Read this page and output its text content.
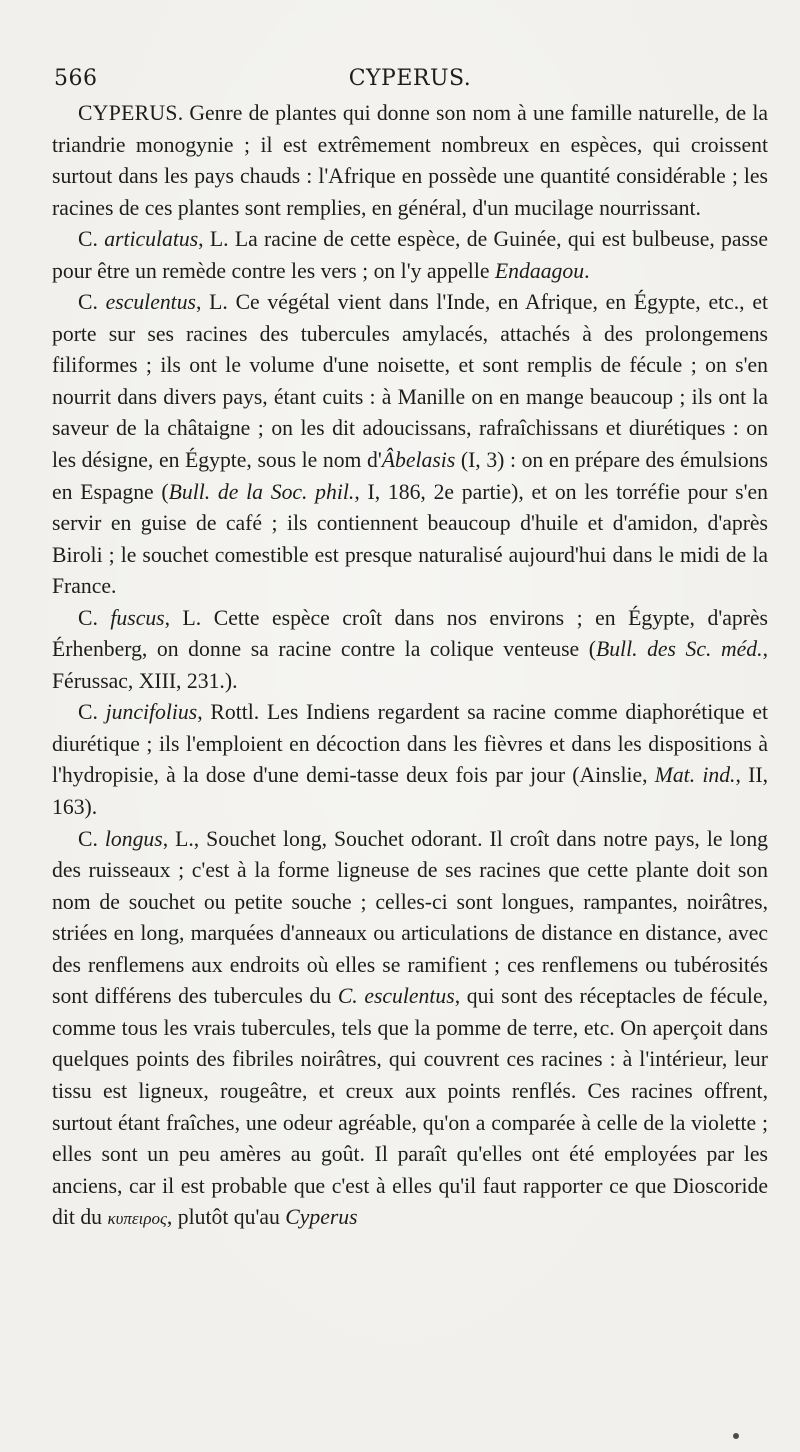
566	CYPERUS.

CYPERUS. Genre de plantes qui donne son nom à une famille naturelle, de la triandrie monogynie ; il est extrêmement nombreux en espèces, qui croissent surtout dans les pays chauds : l'Afrique en possède une quantité considérable ; les racines de ces plantes sont remplies, en général, d'un mucilage nourrissant.

C. articulatus, L. La racine de cette espèce, de Guinée, qui est bulbeuse, passe pour être un remède contre les vers ; on l'y appelle Endaagou.

C. esculentus, L. Ce végétal vient dans l'Inde, en Afrique, en Égypte, etc., et porte sur ses racines des tubercules amylacés, attachés à des prolongemens filiformes ; ils ont le volume d'une noisette, et sont remplis de fécule ; on s'en nourrit dans divers pays, étant cuits : à Manille on en mange beaucoup ; ils ont la saveur de la châtaigne ; on les dit adoucissans, rafraîchissans et diurétiques : on les désigne, en Égypte, sous le nom d'Âbelasis (I, 3) : on en prépare des émulsions en Espagne (Bull. de la Soc. phil., I, 186, 2e partie), et on les torréfie pour s'en servir en guise de café ; ils contiennent beaucoup d'huile et d'amidon, d'après Biroli ; le souchet comestible est presque naturalisé aujourd'hui dans le midi de la France.

C. fuscus, L. Cette espèce croît dans nos environs ; en Égypte, d'après Érhenberg, on donne sa racine contre la colique venteuse (Bull. des Sc. méd., Férussac, XIII, 231.).

C. juncifolius, Rottl. Les Indiens regardent sa racine comme diaphorétique et diurétique ; ils l'emploient en décoction dans les fièvres et dans les dispositions à l'hydropisie, à la dose d'une demi-tasse deux fois par jour (Ainslie, Mat. ind., II, 163).

C. longus, L., Souchet long, Souchet odorant. Il croît dans notre pays, le long des ruisseaux ; c'est à la forme ligneuse de ses racines que cette plante doit son nom de souchet ou petite souche ; celles-ci sont longues, rampantes, noirâtres, striées en long, marquées d'anneaux ou articulations de distance en distance, avec des renflemens aux endroits où elles se ramifient ; ces renflemens ou tubérosités sont différens des tubercules du C. esculentus, qui sont des réceptacles de fécule, comme tous les vrais tubercules, tels que la pomme de terre, etc. On aperçoit dans quelques points des fibriles noirâtres, qui couvrent ces racines : à l'intérieur, leur tissu est ligneux, rougeâtre, et creux aux points renflés. Ces racines offrent, surtout étant fraîches, une odeur agréable, qu'on a comparée à celle de la violette ; elles sont un peu amères au goût. Il paraît qu'elles ont été employées par les anciens, car il est probable que c'est à elles qu'il faut rapporter ce que Dioscoride dit du κυπειρος, plutôt qu'au Cyperus
